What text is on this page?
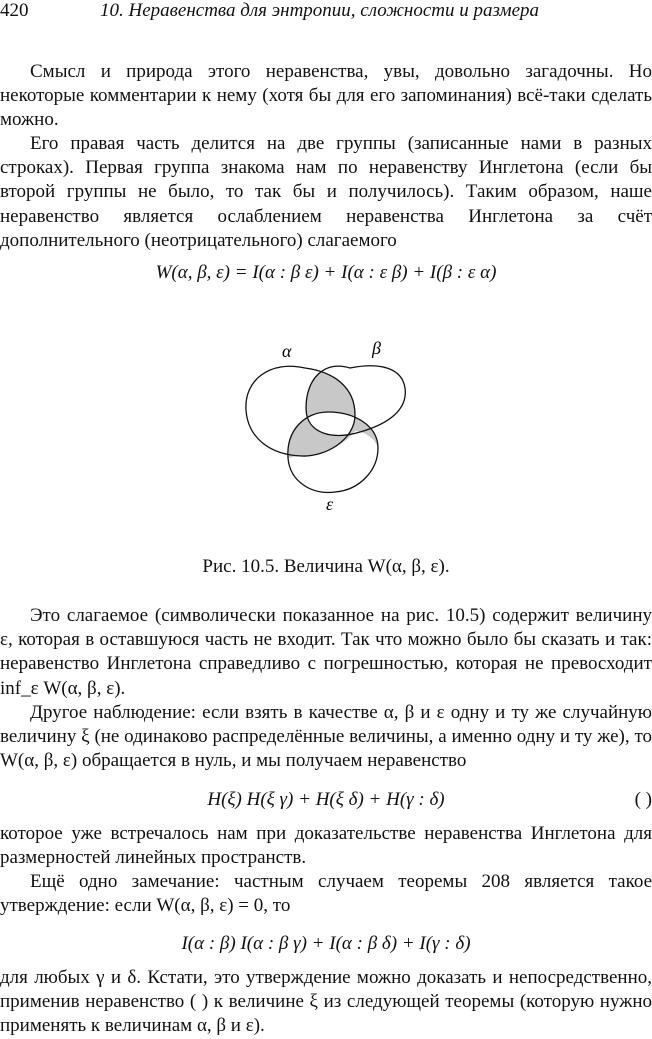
420	10. Неравенства для энтропии, сложности и размера

Смысл и природа этого неравенства, увы, довольно загадочны. Но некоторые комментарии к нему (хотя бы для его запоминания) всё-таки сделать можно.

Его правая часть делится на две группы (записанные нами в разных строках). Первая группа знакома нам по неравенству Инглетона (если бы второй группы не было, то так бы и получилось). Таким образом, наше неравенство является ослаблением неравенства Инглетона за счёт дополнительного (неотрицательного) слагаемого

W(α, β, ε) = I(α : β ε) + I(α : ε β) + I(β : ε α)
α	β
ε
Рис. 10.5. Величина W(α, β, ε).

Это слагаемое (символически показанное на рис. 10.5) содержит величину ε, которая в оставшуюся часть не входит. Так что можно было бы сказать и так: неравенство Инглетона справедливо с погрешностью, которая не превосходит inf_ε W(α, β, ε).

Другое наблюдение: если взять в качестве α, β и ε одну и ту же случайную величину ξ (не одинаково распределённые величины, а именно одну и ту же), то W(α, β, ε) обращается в нуль, и мы получаем неравенство

H(ξ) H(ξ γ) + H(ξ δ) + H(γ : δ)	( )

которое уже встречалось нам при доказательстве неравенства Инглетона для размерностей линейных пространств.

Ещё одно замечание: частным случаем теоремы 208 является такое утверждение: если W(α, β, ε) = 0, то

I(α : β) I(α : β γ) + I(α : β δ) + I(γ : δ)

для любых γ и δ. Кстати, это утверждение можно доказать и непосредственно, применив неравенство ( ) к величине ξ из следующей теоремы (которую нужно применять к величинам α, β и ε).
